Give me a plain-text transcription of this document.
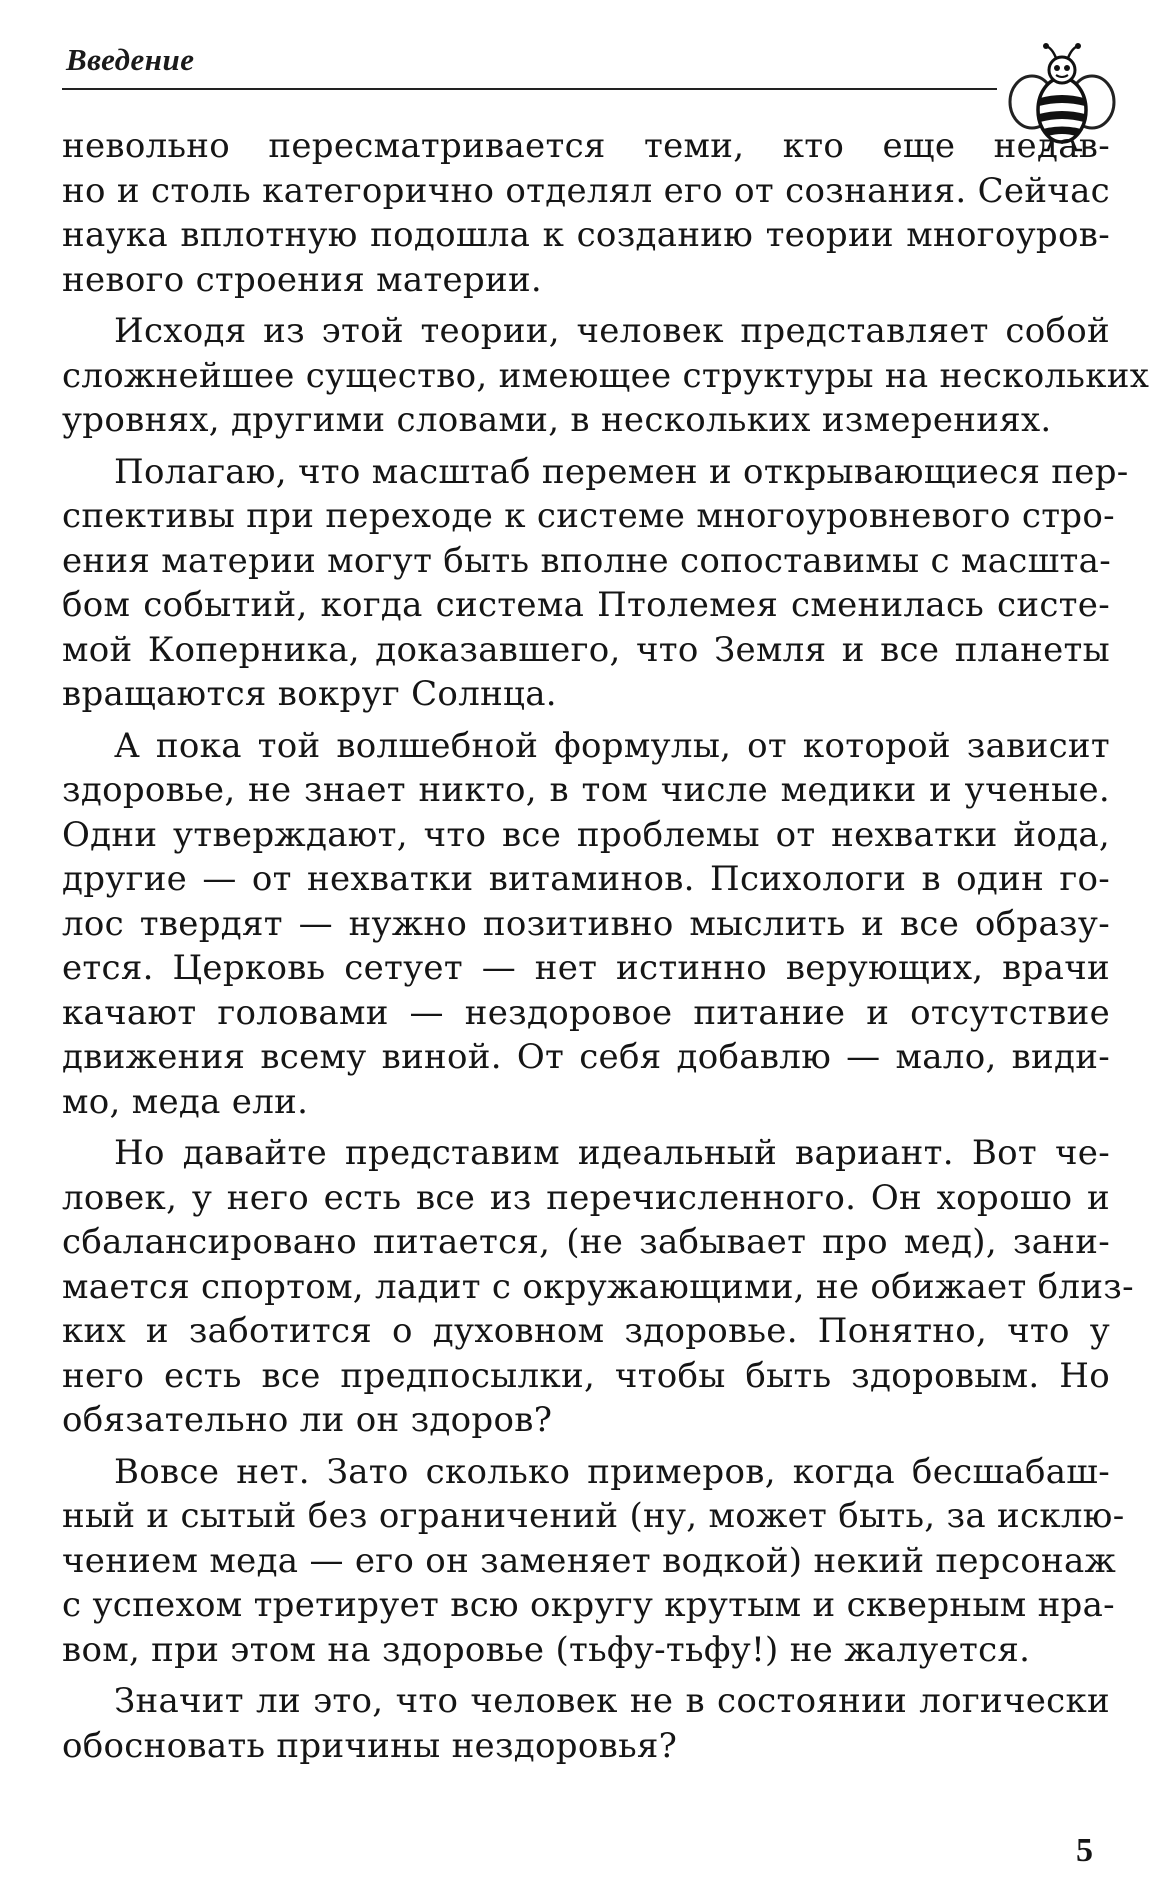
Введение
невольно пересматривается теми, кто еще недав-
но и столь категорично отделял его от сознания. Сейчас
наука вплотную подошла к созданию теории многоуров-
невого строения материи.
Исходя из этой теории, человек представляет собой
сложнейшее существо, имеющее структуры на нескольких
уровнях, другими словами, в нескольких измерениях.
Полагаю, что масштаб перемен и открывающиеся пер-
спективы при переходе к системе многоуровневого стро-
ения материи могут быть вполне сопоставимы с масшта-
бом событий, когда система Птолемея сменилась систе-
мой Коперника, доказавшего, что Земля и все планеты
вращаются вокруг Солнца.
А пока той волшебной формулы, от которой зависит
здоровье, не знает никто, в том числе медики и ученые.
Одни утверждают, что все проблемы от нехватки йода,
другие — от нехватки витаминов. Психологи в один го-
лос твердят — нужно позитивно мыслить и все образу-
ется. Церковь сетует — нет истинно верующих, врачи
качают головами — нездоровое питание и отсутствие
движения всему виной. От себя добавлю — мало, види-
мо, меда ели.
Но давайте представим идеальный вариант. Вот че-
ловек, у него есть все из перечисленного. Он хорошо и
сбалансировано питается, (не забывает про мед), зани-
мается спортом, ладит с окружающими, не обижает близ-
ких и заботится о духовном здоровье. Понятно, что у
него есть все предпосылки, чтобы быть здоровым. Но
обязательно ли он здоров?
Вовсе нет. Зато сколько примеров, когда бесшабаш-
ный и сытый без ограничений (ну, может быть, за исклю-
чением меда — его он заменяет водкой) некий персонаж
с успехом третирует всю округу крутым и скверным нра-
вом, при этом на здоровье (тьфу-тьфу!) не жалуется.
Значит ли это, что человек не в состоянии логически
обосновать причины нездоровья?
5
